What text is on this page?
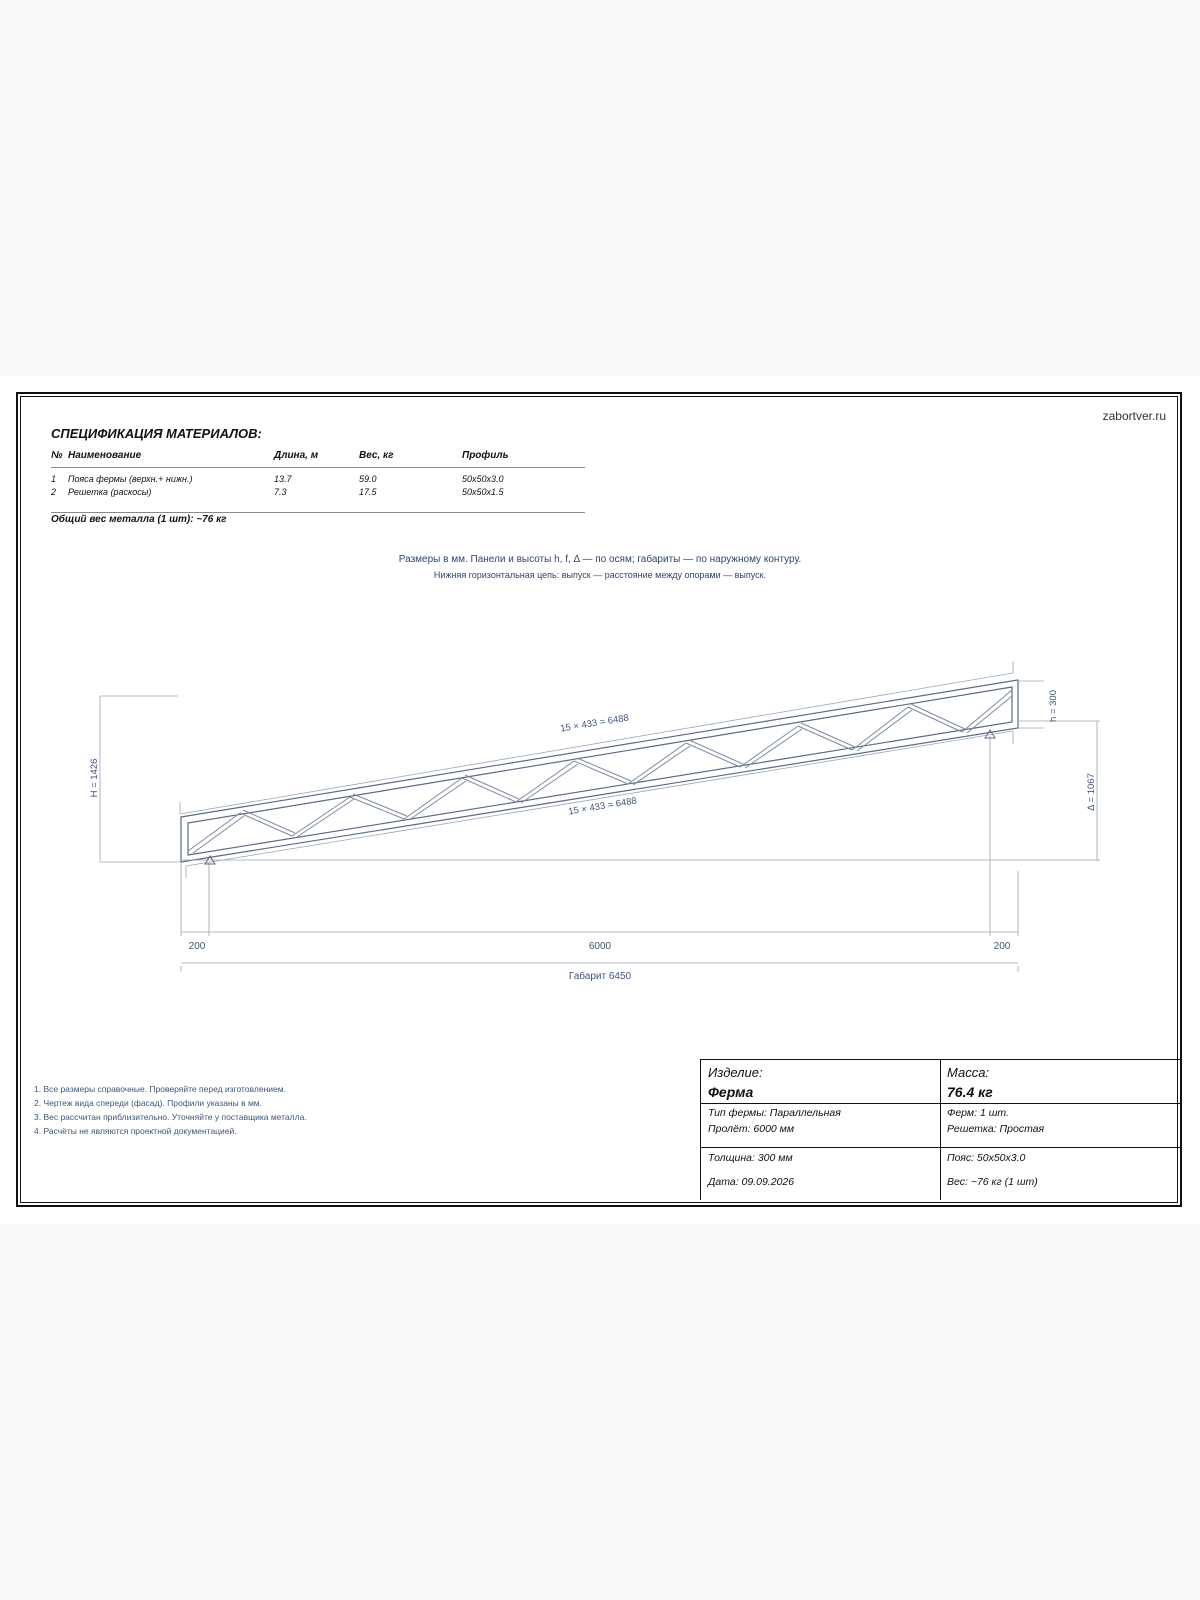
zabortver.ru
СПЕЦИФИКАЦИЯ МАТЕРИАЛОВ:
№ Наименование	Длина, м	Вес, кг	Профиль
1 Пояса фермы (верхн.+ нижн.)	13.7	59.0	50x50x3.0
2 Решетка (раскосы)	7.3	17.5	50x50x1.5
Общий вес металла (1 шт): ~76 кг
Размеры в мм. Панели и высоты h, f, Δ — по осям; габариты — по наружному контуру.
Нижняя горизонтальная цепь: выпуск — расстояние между опорами — выпуск.
15 × 433 = 6488
15 × 433 = 6488
H = 1426
h = 300
Δ = 1067
200	6000	200
Габарит 6450
1. Все размеры справочные. Проверяйте перед изготовлением.
2. Чертеж вида спереди (фасад). Профили указаны в мм.
3. Вес рассчитан приблизительно. Уточняйте у поставщика металла.
4. Расчёты не являются проектной документацией.
Изделие:
Ферма
Масса:
76.4 кг
Тип фермы: Параллельная
Пролёт: 6000 мм
Ферм: 1 шт.
Решетка: Простая
Толщина: 300 мм
Дата: 09.09.2026
Пояс: 50x50x3.0
Вес: ~76 кг (1 шт)
